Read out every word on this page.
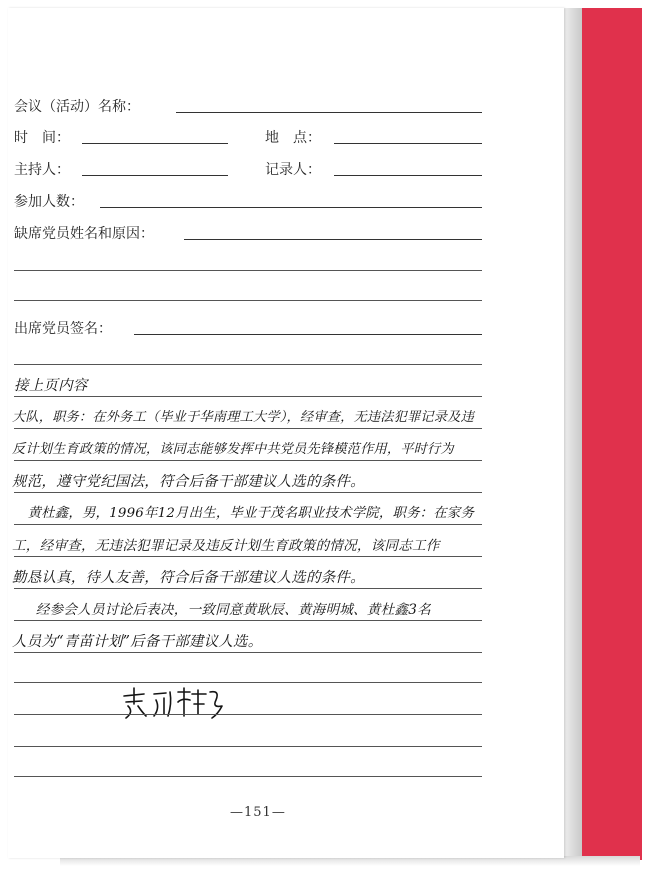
会议（活动）名称：
时　间：	地　点：
主持人：	记录人：
参加人数：
缺席党员姓名和原因：
出席党员签名：
接上页内容
大队，职务：在外务工（毕业于华南理工大学），经审查，无违法犯罪记录及违
反计划生育政策的情况，该同志能够发挥中共党员先锋模范作用，平时行为
规范，遵守党纪国法，符合后备干部建议人选的条件。
　黄杜鑫，男，1996年12月出生，毕业于茂名职业技术学院，职务：在家务
工，经审查，无违法犯罪记录及违反计划生育政策的情况，该同志工作
勤恳认真，待人友善，符合后备干部建议人选的条件。
　经参会人员讨论后表决，一致同意黄耿辰、黄海明城、黄杜鑫3名
人员为“青苗计划”后备干部建议人选。
—151—
